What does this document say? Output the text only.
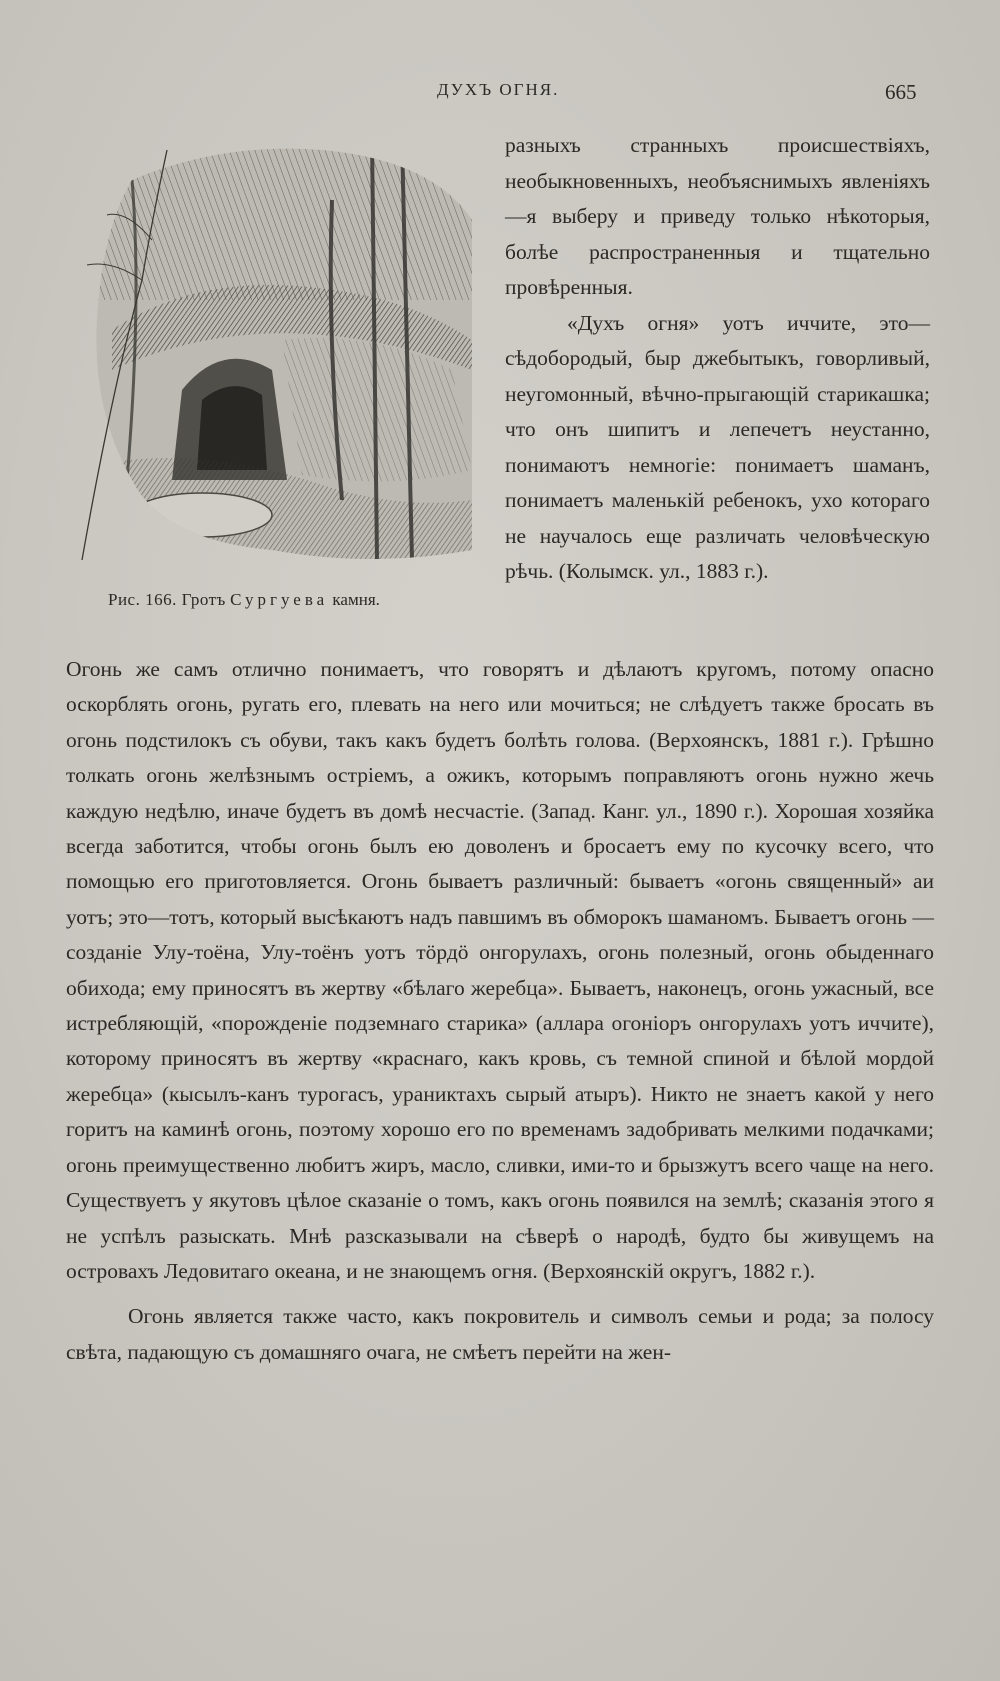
ДУХЪ ОГНЯ.	665
Рис. 166. Гротъ Сургуева камня.

разныхъ странныхъ происшествіяхъ, необыкновенныхъ, необъяснимыхъ явленіяхъ—я выберу и приведу только нѣкоторыя, болѣе распространенныя и тщательно провѣренныя.

«Духъ огня» уотъ иччите, это—сѣдобородый, быр джебытыкъ, говорливый, неугомонный, вѣчно-прыгающій старикашка; что онъ шипитъ и лепечетъ неустанно, понимаютъ немногіе: понимаетъ шаманъ, понимаетъ маленькій ребенокъ, ухо котораго не научалось еще различать человѣческую рѣчь. (Колымск. ул., 1883 г.).

Огонь же самъ отлично понимаетъ, что говорятъ и дѣлаютъ кругомъ, потому опасно оскорблять огонь, ругать его, плевать на него или мочиться; не слѣдуетъ также бросать въ огонь подстилокъ съ обуви, такъ какъ будетъ болѣть голова. (Верхоянскъ, 1881 г.). Грѣшно толкать огонь желѣзнымъ остріемъ, а ожикъ, которымъ поправляютъ огонь нужно жечь каждую недѣлю, иначе будетъ въ домѣ несчастіе. (Запад. Канг. ул., 1890 г.). Хорошая хозяйка всегда заботится, чтобы огонь былъ ею доволенъ и бросаетъ ему по кусочку всего, что помощью его приготовляется. Огонь бываетъ различный: бываетъ «огонь священный» аи уотъ; это—тотъ, который высѣкаютъ надъ павшимъ въ обморокъ шаманомъ. Бываетъ огонь — созданіе Улу-тоёна, Улу-тоёнъ уотъ тöрдö онгорулахъ, огонь полезный, огонь обыденнаго обихода; ему приносятъ въ жертву «бѣлаго жеребца». Бываетъ, наконецъ, огонь ужасный, все истребляющій, «порожденіе подземнаго старика» (аллара огоніоръ онгорулахъ уотъ иччите), которому приносятъ въ жертву «краснаго, какъ кровь, съ темной спиной и бѣлой мордой жеребца» (кысылъ-канъ турогасъ, ураниктахъ сырый атыръ). Никто не знаетъ какой у него горитъ на каминѣ огонь, поэтому хорошо его по временамъ задобривать мелкими подачками; огонь преимущественно любитъ жиръ, масло, сливки, ими-то и брызжутъ всего чаще на него. Существуетъ у якутовъ цѣлое сказаніе о томъ, какъ огонь появился на землѣ; сказанія этого я не успѣлъ разыскать. Мнѣ разсказывали на сѣверѣ о народѣ, будто бы живущемъ на островахъ Ледовитаго океана, и не знающемъ огня. (Верхоянскій округъ, 1882 г.).

Огонь является также часто, какъ покровитель и символъ семьи и рода; за полосу свѣта, падающую съ домашняго очага, не смѣетъ перейти на жен-
